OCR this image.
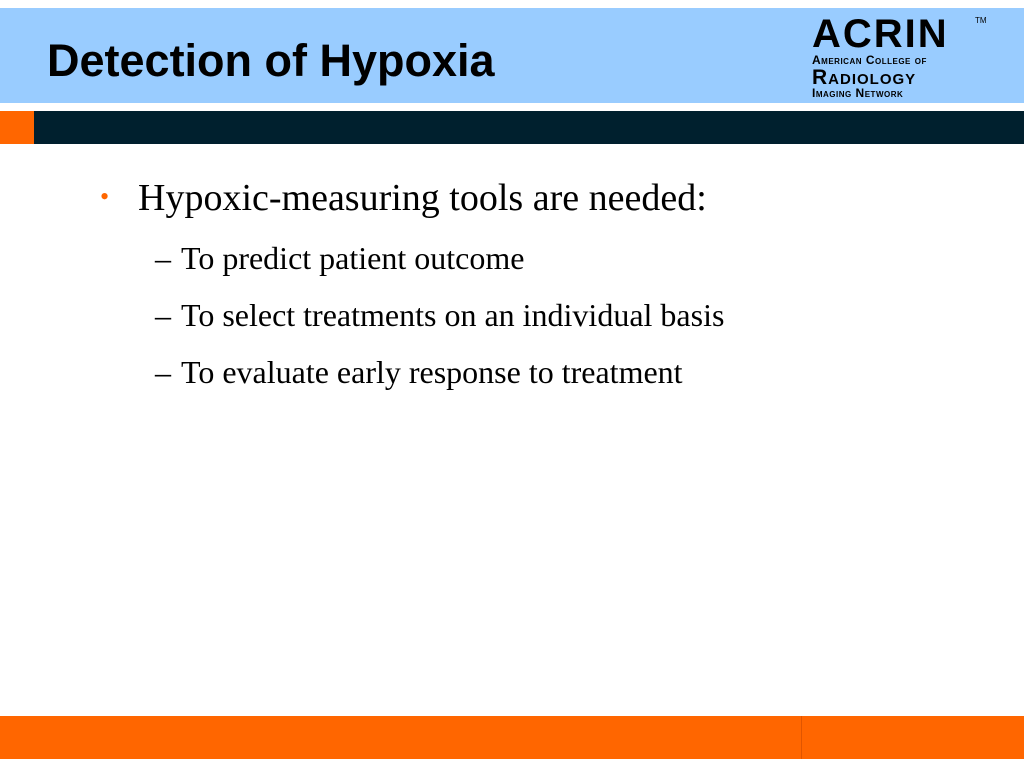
Detection of Hypoxia
ACRIN	TM
American College of
Radiology
Imaging Network
• Hypoxic-measuring tools are needed:
– To predict patient outcome
– To select treatments on an individual basis
– To evaluate early response to treatment
